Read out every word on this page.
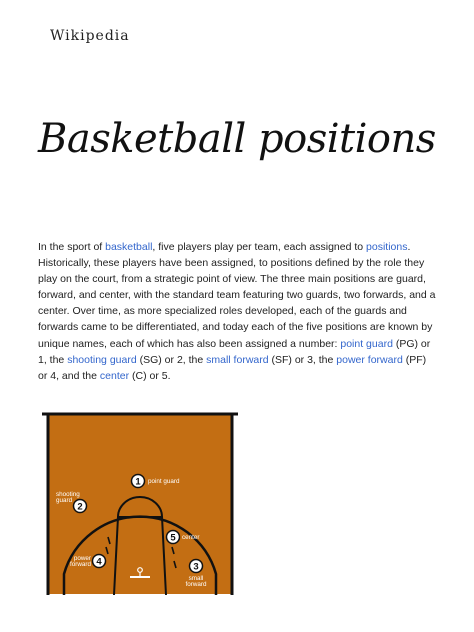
Wikipedia
Basketball positions

In the sport of basketball, five players play per team, each assigned to positions. Historically, these players have been assigned, to positions defined by the role they play on the court, from a strategic point of view. The three main positions are guard, forward, and center, with the standard team featuring two guards, two forwards, and a center. Over time, as more specialized roles developed, each of the guards and forwards came to be differentiated, and today each of the five positions are known by unique names, each of which has also been assigned a number: point guard (PG) or 1, the shooting guard (SG) or 2, the small forward (SF) or 3, the power forward (PF) or 4, and the center (C) or 5.

1 point guard
shooting
guard
2
5 center
power
forward 4	3
small
forward
